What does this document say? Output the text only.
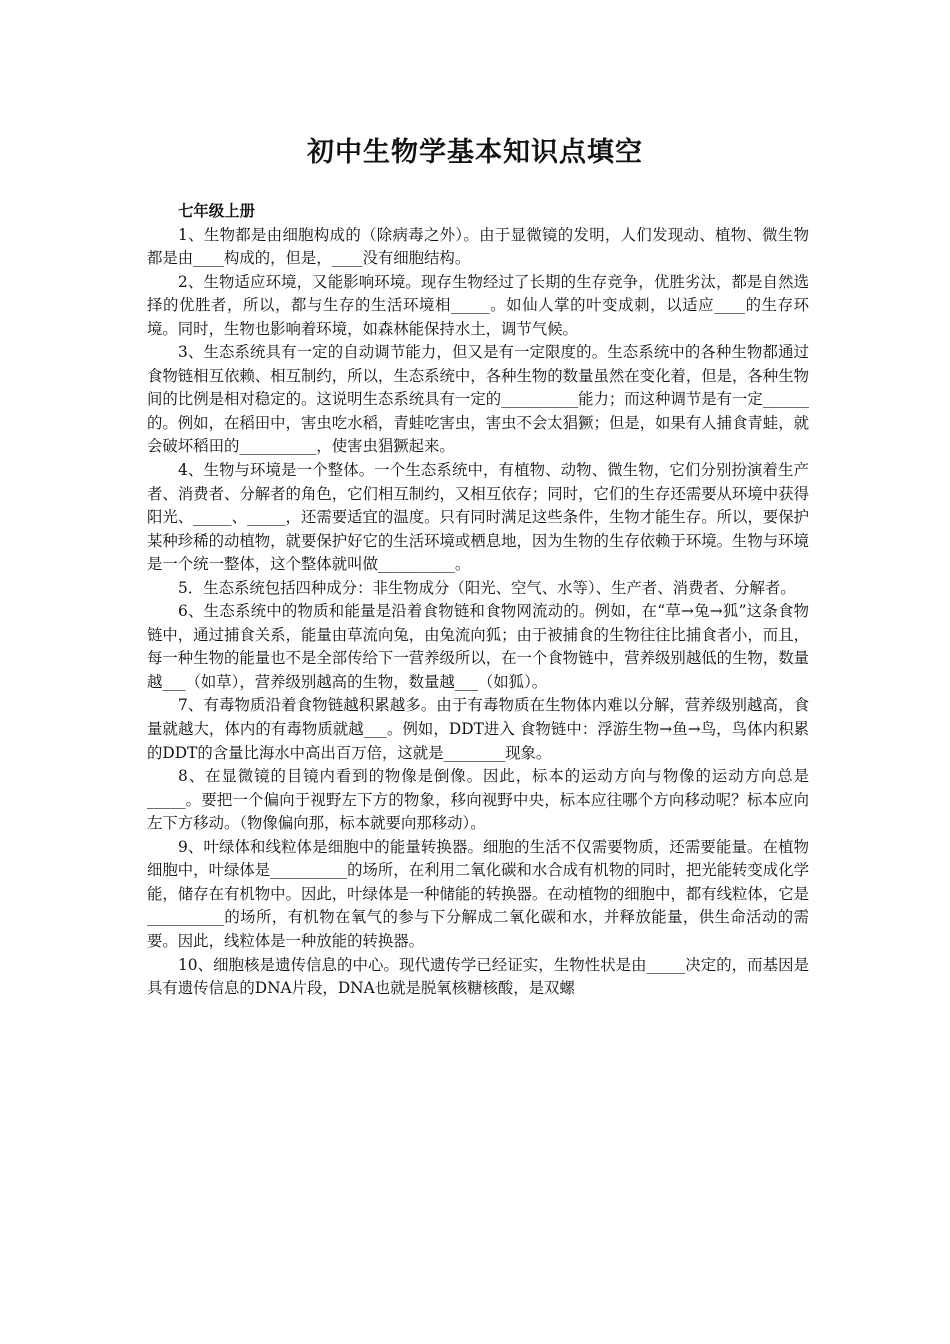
初中生物学基本知识点填空

七年级上册

1、生物都是由细胞构成的（除病毒之外）。由于显微镜的发明，人们发现动、植物、微生物都是由____构成的，但是，____没有细胞结构。

2、生物适应环境，又能影响环境。现存生物经过了长期的生存竞争，优胜劣汰，都是自然选择的优胜者，所以，都与生存的生活环境相_____。如仙人掌的叶变成刺，以适应____的生存环境。同时，生物也影响着环境，如森林能保持水土，调节气候。

3、生态系统具有一定的自动调节能力，但又是有一定限度的。生态系统中的各种生物都通过食物链相互依赖、相互制约，所以，生态系统中，各种生物的数量虽然在变化着，但是，各种生物间的比例是相对稳定的。这说明生态系统具有一定的__________能力；而这种调节是有一定______的。例如，在稻田中，害虫吃水稻，青蛙吃害虫，害虫不会太猖獗；但是，如果有人捕食青蛙，就会破坏稻田的__________，使害虫猖獗起来。

4、生物与环境是一个整体。一个生态系统中，有植物、动物、微生物，它们分别扮演着生产者、消费者、分解者的角色，它们相互制约，又相互依存；同时，它们的生存还需要从环境中获得阳光、_____、_____，还需要适宜的温度。只有同时满足这些条件，生物才能生存。所以，要保护某种珍稀的动植物，就要保护好它的生活环境或栖息地，因为生物的生存依赖于环境。生物与环境是一个统一整体，这个整体就叫做__________。

5．生态系统包括四种成分：非生物成分（阳光、空气、水等）、生产者、消费者、分解者。

6、生态系统中的物质和能量是沿着食物链和食物网流动的。例如，在“草→兔→狐”这条食物链中，通过捕食关系，能量由草流向兔，由兔流向狐；由于被捕食的生物往往比捕食者小，而且，每一种生物的能量也不是全部传给下一营养级所以，在一个食物链中，营养级别越低的生物，数量越___（如草），营养级别越高的生物，数量越___（如狐）。

7、有毒物质沿着食物链越积累越多。由于有毒物质在生物体内难以分解，营养级别越高，食量就越大，体内的有毒物质就越___。例如，DDT进入 食物链中：浮游生物→鱼→鸟，鸟体内积累的DDT的含量比海水中高出百万倍，这就是________现象。

8、在显微镜的目镜内看到的物像是倒像。因此，标本的运动方向与物像的运动方向总是_____。要把一个偏向于视野左下方的物象，移向视野中央，标本应往哪个方向移动呢？标本应向左下方移动。（物像偏向那，标本就要向那移动）。

9、叶绿体和线粒体是细胞中的能量转换器。细胞的生活不仅需要物质，还需要能量。在植物细胞中，叶绿体是__________的场所，在利用二氧化碳和水合成有机物的同时，把光能转变成化学能，储存在有机物中。因此，叶绿体是一种储能的转换器。在动植物的细胞中，都有线粒体，它是__________的场所，有机物在氧气的参与下分解成二氧化碳和水，并释放能量，供生命活动的需要。因此，线粒体是一种放能的转换器。

10、细胞核是遗传信息的中心。现代遗传学已经证实，生物性状是由_____决定的，而基因是具有遗传信息的DNA片段，DNA也就是脱氧核糖核酸，是双螺
